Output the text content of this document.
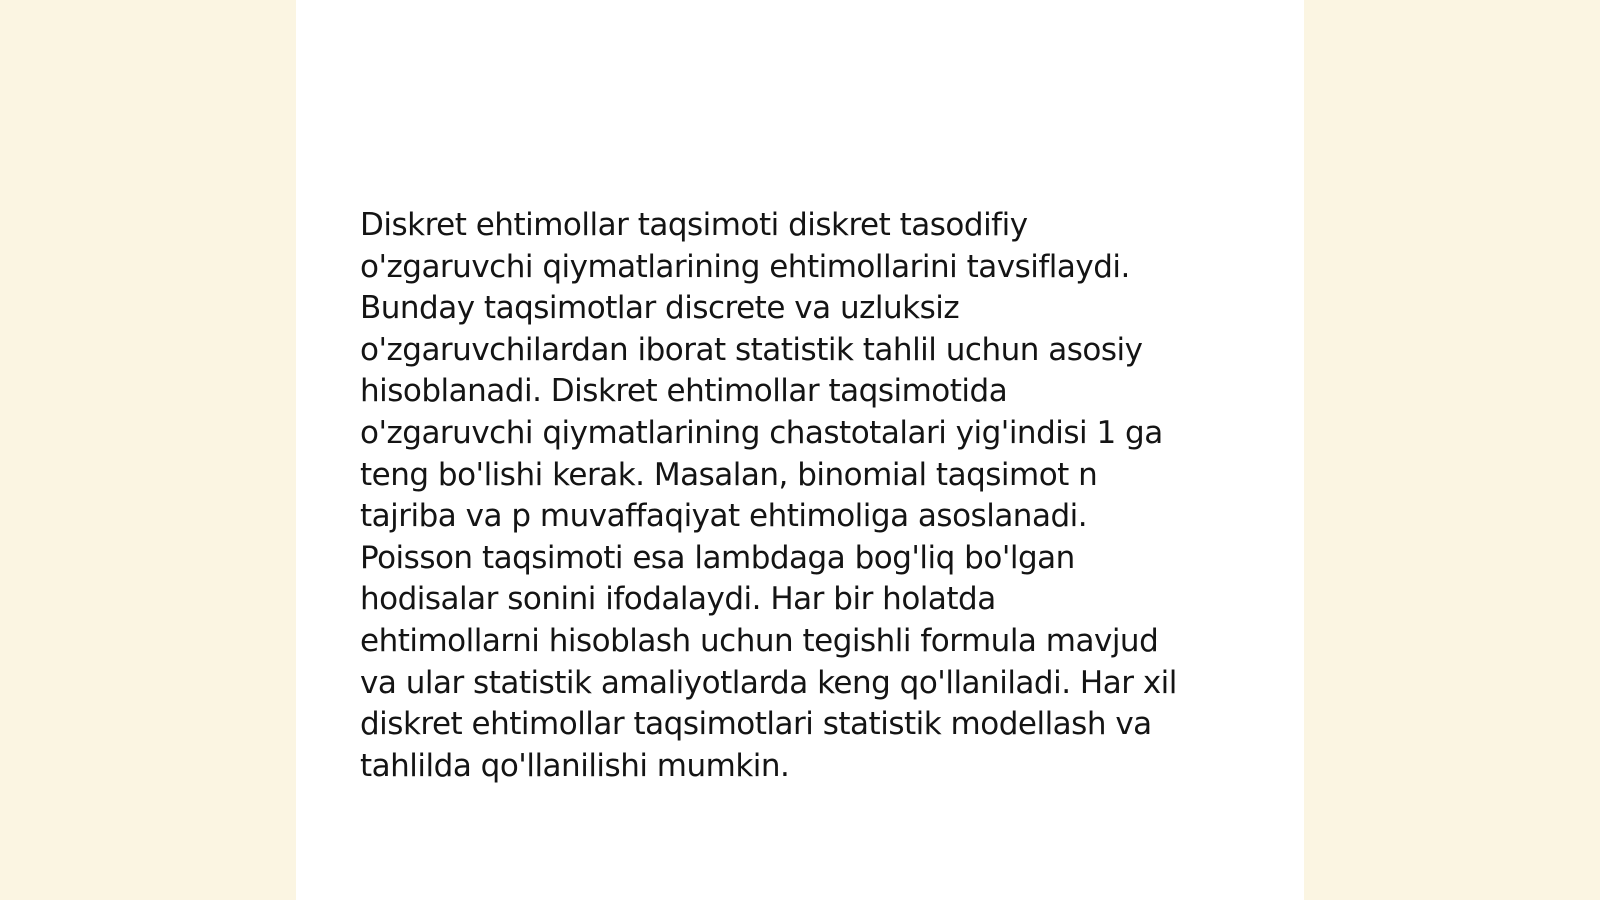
Diskret ehtimollar taqsimoti diskret tasodifiy
o'zgaruvchi qiymatlarining ehtimollarini tavsiflaydi.
Bunday taqsimotlar discrete va uzluksiz
o'zgaruvchilardan iborat statistik tahlil uchun asosiy
hisoblanadi. Diskret ehtimollar taqsimotida
o'zgaruvchi qiymatlarining chastotalari yig'indisi 1 ga
teng bo'lishi kerak. Masalan, binomial taqsimot n
tajriba va p muvaffaqiyat ehtimoliga asoslanadi.
Poisson taqsimoti esa lambdaga bog'liq bo'lgan
hodisalar sonini ifodalaydi. Har bir holatda
ehtimollarni hisoblash uchun tegishli formula mavjud
va ular statistik amaliyotlarda keng qo'llaniladi. Har xil
diskret ehtimollar taqsimotlari statistik modellash va
tahlilda qo'llanilishi mumkin.
